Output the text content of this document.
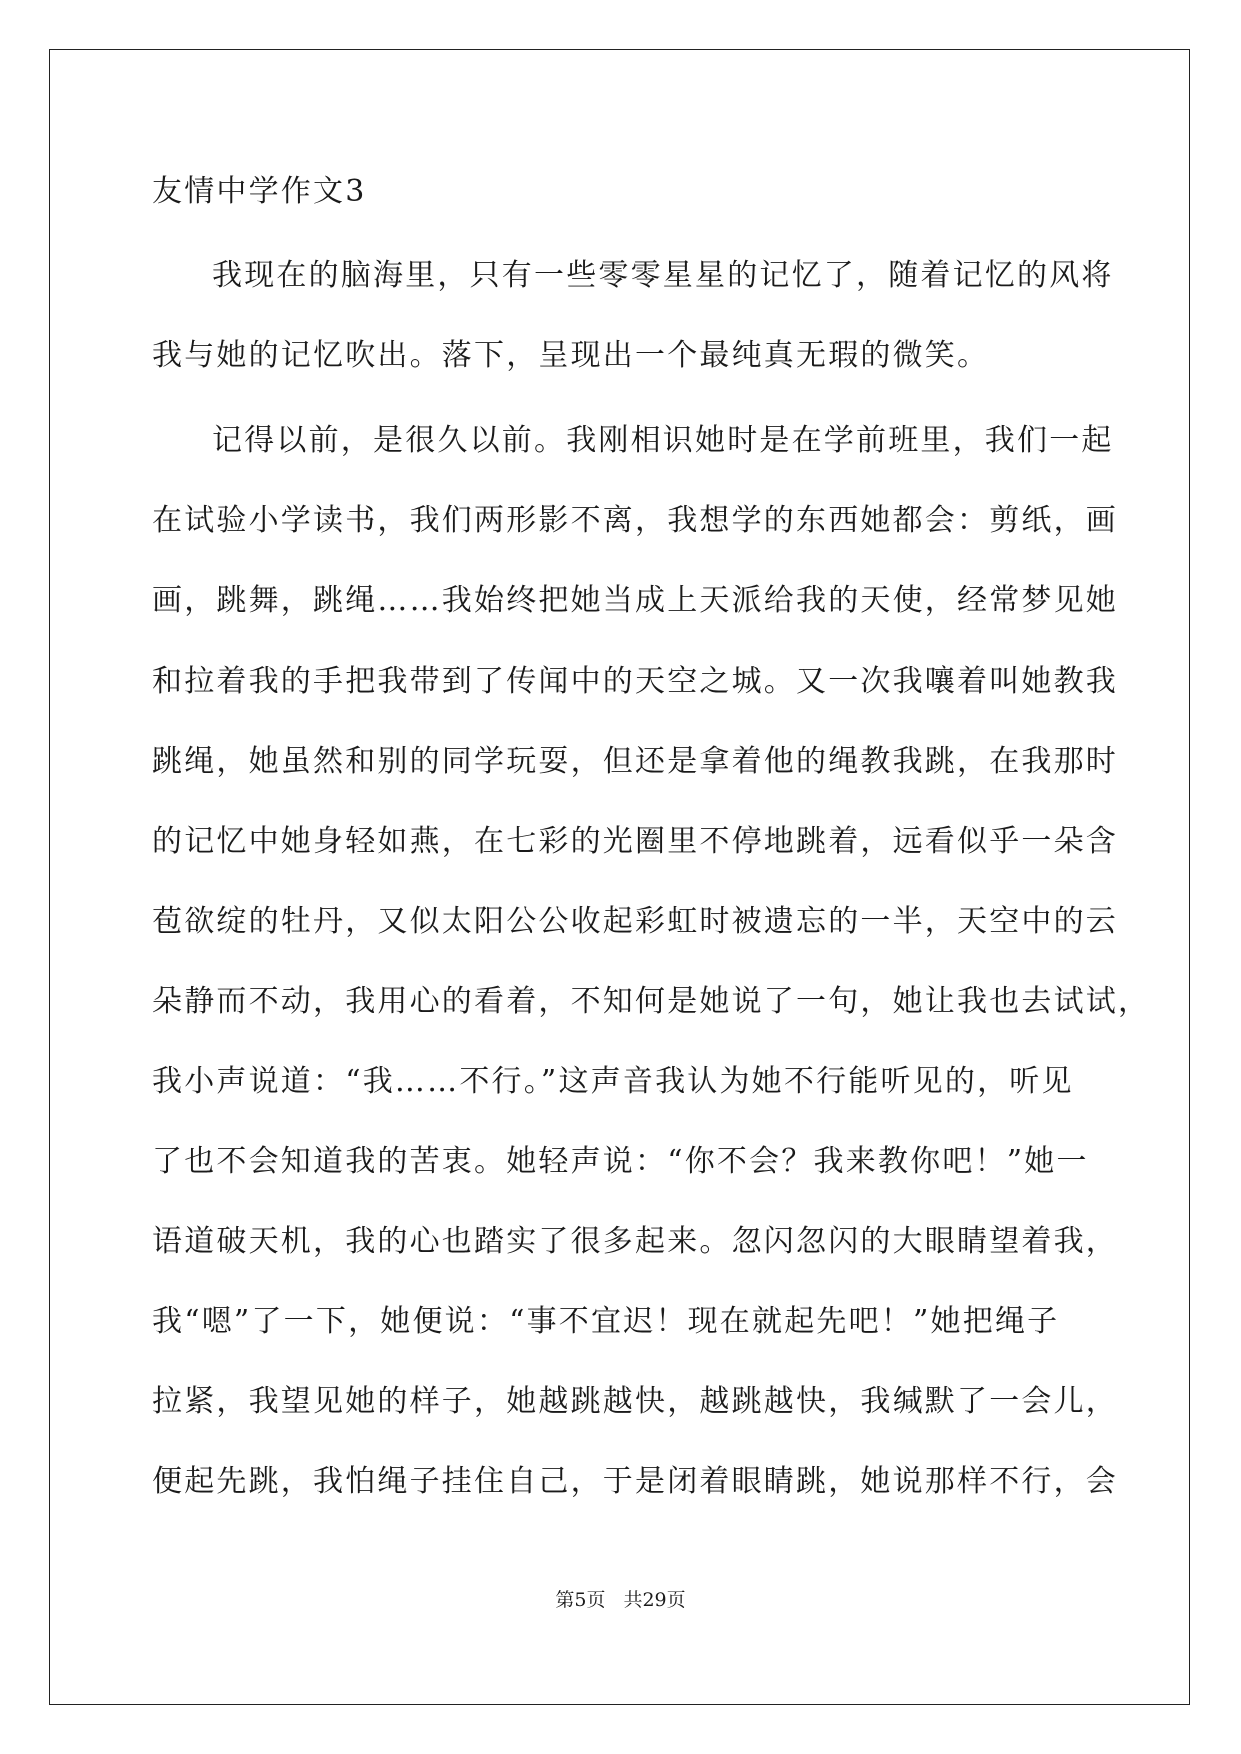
友情中学作文3
我现在的脑海里，只有一些零零星星的记忆了，随着记忆的风将
我与她的记忆吹出。落下，呈现出一个最纯真无瑕的微笑。
记得以前，是很久以前。我刚相识她时是在学前班里，我们一起
在试验小学读书，我们两形影不离，我想学的东西她都会：剪纸，画
画，跳舞，跳绳……我始终把她当成上天派给我的天使，经常梦见她
和拉着我的手把我带到了传闻中的天空之城。又一次我嚷着叫她教我
跳绳，她虽然和别的同学玩耍，但还是拿着他的绳教我跳，在我那时
的记忆中她身轻如燕，在七彩的光圈里不停地跳着，远看似乎一朵含
苞欲绽的牡丹，又似太阳公公收起彩虹时被遗忘的一半，天空中的云
朵静而不动，我用心的看着，不知何是她说了一句，她让我也去试试，
我小声说道：“我……不行。”这声音我认为她不行能听见的，听见
了也不会知道我的苦衷。她轻声说：“你不会？我来教你吧！”她一
语道破天机，我的心也踏实了很多起来。忽闪忽闪的大眼睛望着我，
我“嗯”了一下，她便说：“事不宜迟！现在就起先吧！”她把绳子
拉紧，我望见她的样子，她越跳越快，越跳越快，我缄默了一会儿，
便起先跳，我怕绳子挂住自己，于是闭着眼睛跳，她说那样不行，会
第5页 共29页
